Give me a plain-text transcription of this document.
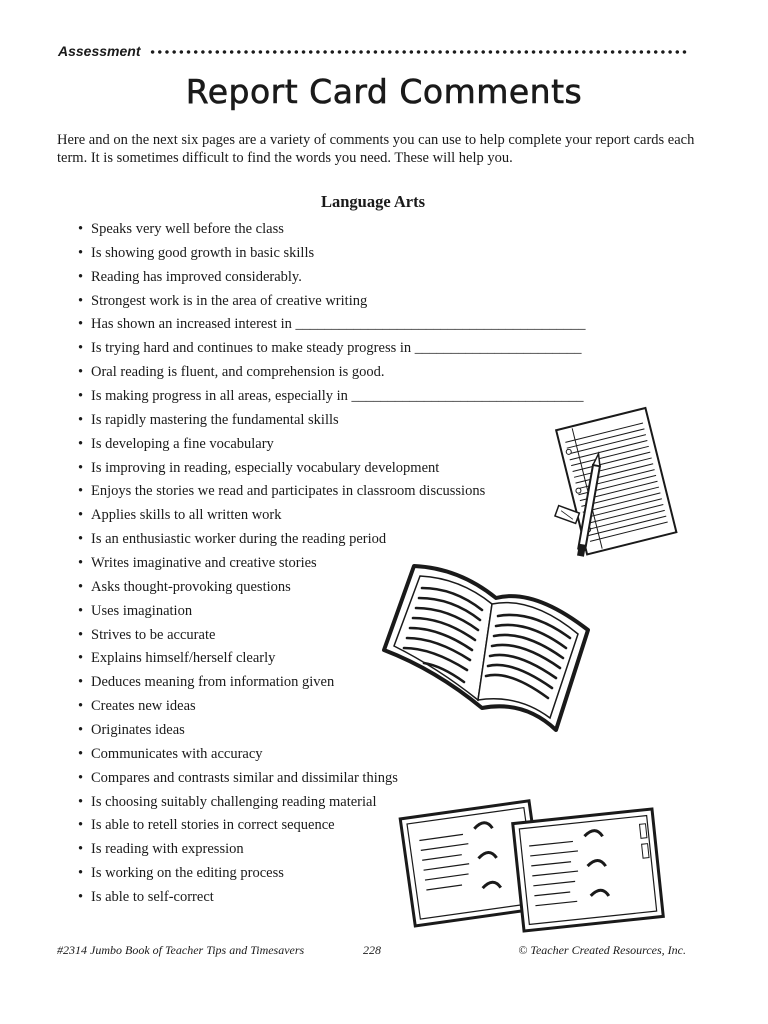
Assessment
Report Card Comments
Here and on the next six pages are a variety of comments you can use to help complete your report cards each term. It is sometimes difficult to find the words you need. These will help you.
Language Arts
• Speaks very well before the class
• Is showing good growth in basic skills
• Reading has improved considerably.
• Strongest work is in the area of creative writing
• Has shown an increased interest in ________________________________________
• Is trying hard and continues to make steady progress in _______________________
• Oral reading is fluent, and comprehension is good.
• Is making progress in all areas, especially in ________________________________
• Is rapidly mastering the fundamental skills
• Is developing a fine vocabulary
• Is improving in reading, especially vocabulary development
• Enjoys the stories we read and participates in classroom discussions
• Applies skills to all written work
• Is an enthusiastic worker during the reading period
• Writes imaginative and creative stories
• Asks thought-provoking questions
• Uses imagination
• Strives to be accurate
• Explains himself/herself clearly
• Deduces meaning from information given
• Creates new ideas
• Originates ideas
• Communicates with accuracy
• Compares and contrasts similar and dissimilar things
• Is choosing suitably challenging reading material
• Is able to retell stories in correct sequence
• Is reading with expression
• Is working on the editing process
• Is able to self-correct
#2314 Jumbo Book of Teacher Tips and Timesavers	228	© Teacher Created Resources, Inc.
